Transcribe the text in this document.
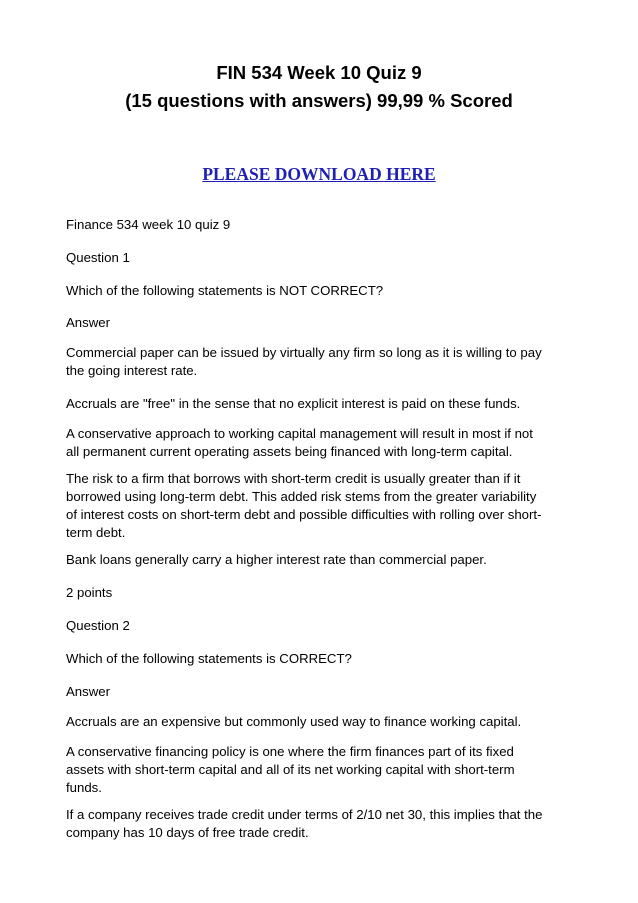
FIN 534 Week 10 Quiz 9
(15 questions with answers) 99,99 % Scored
PLEASE DOWNLOAD HERE

Finance 534 week 10 quiz 9

Question 1

Which of the following statements is NOT CORRECT?

Answer

Commercial paper can be issued by virtually any firm so long as it is willing to pay
the going interest rate.

Accruals are "free" in the sense that no explicit interest is paid on these funds.

A conservative approach to working capital management will result in most if not
all permanent current operating assets being financed with long-term capital.

The risk to a firm that borrows with short-term credit is usually greater than if it
borrowed using long-term debt. This added risk stems from the greater variability
of interest costs on short-term debt and possible difficulties with rolling over short-
term debt.

Bank loans generally carry a higher interest rate than commercial paper.

2 points

Question 2

Which of the following statements is CORRECT?

Answer

Accruals are an expensive but commonly used way to finance working capital.

A conservative financing policy is one where the firm finances part of its fixed
assets with short-term capital and all of its net working capital with short-term
funds.

If a company receives trade credit under terms of 2/10 net 30, this implies that the
company has 10 days of free trade credit.
